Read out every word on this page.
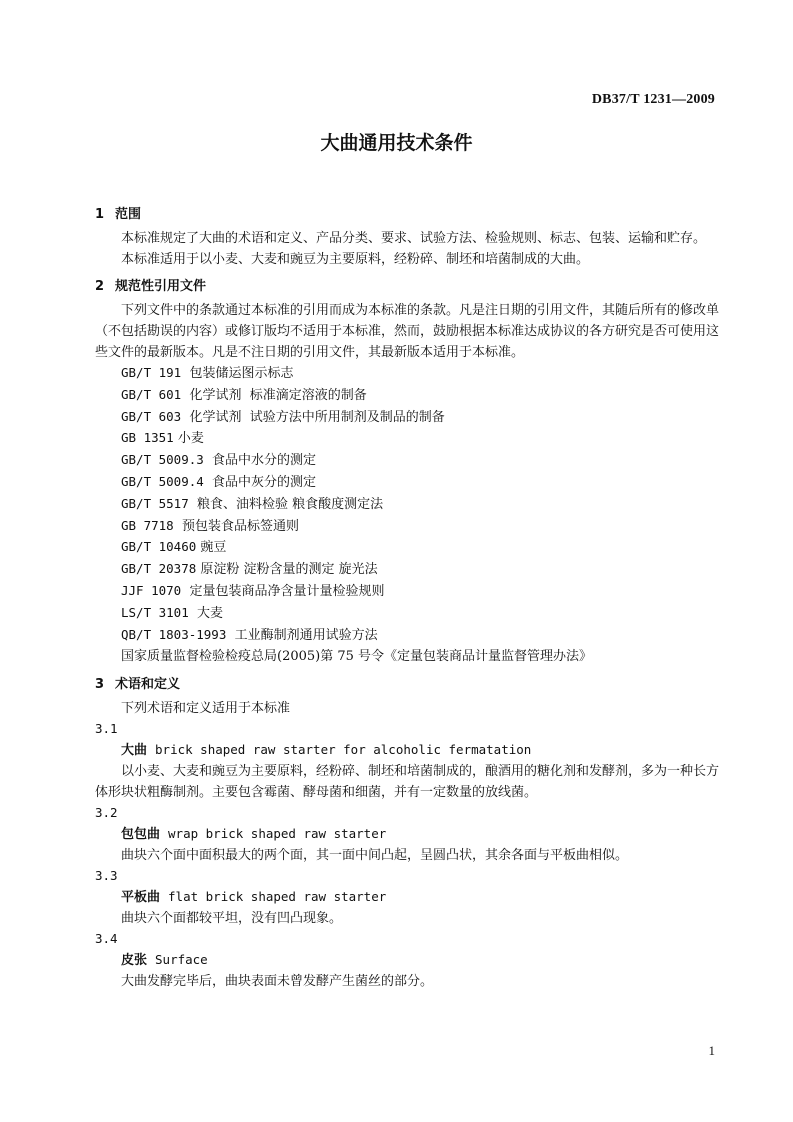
DB37/T 1231—2009
大曲通用技术条件
1 范围

本标准规定了大曲的术语和定义、产品分类、要求、试验方法、检验规则、标志、包装、运输和贮存。

本标准适用于以小麦、大麦和豌豆为主要原料，经粉碎、制坯和培菌制成的大曲。

2 规范性引用文件

下列文件中的条款通过本标准的引用而成为本标准的条款。凡是注日期的引用文件，其随后所有的修改单（不包括勘误的内容）或修订版均不适用于本标准，然而，鼓励根据本标准达成协议的各方研究是否可使用这些文件的最新版本。凡是不注日期的引用文件，其最新版本适用于本标准。

GB/T 191  包装储运图示标志
GB/T 601  化学试剂  标准滴定溶液的制备
GB/T 603  化学试剂  试验方法中所用制剂及制品的制备
GB 1351 小麦
GB/T 5009.3  食品中水分的测定
GB/T 5009.4  食品中灰分的测定
GB/T 5517  粮食、油料检验 粮食酸度测定法
GB 7718  预包装食品标签通则
GB/T 10460 豌豆
GB/T 20378 原淀粉 淀粉含量的测定 旋光法
JJF 1070  定量包装商品净含量计量检验规则
LS/T 3101  大麦
QB/T 1803-1993  工业酶制剂通用试验方法
国家质量监督检验检疫总局(2005)第 75 号令《定量包装商品计量监督管理办法》
3 术语和定义

下列术语和定义适用于本标准

3.1
大曲 brick shaped raw starter for alcoholic fermatation

以小麦、大麦和豌豆为主要原料，经粉碎、制坯和培菌制成的，酿酒用的糖化剂和发酵剂，多为一种长方体形块状粗酶制剂。主要包含霉菌、酵母菌和细菌，并有一定数量的放线菌。

3.2
包包曲 wrap brick shaped raw starter

曲块六个面中面积最大的两个面，其一面中间凸起，呈圆凸状，其余各面与平板曲相似。

3.3
平板曲 flat brick shaped raw starter

曲块六个面都较平坦，没有凹凸现象。

3.4
皮张 Surface

大曲发酵完毕后，曲块表面未曾发酵产生菌丝的部分。

1
